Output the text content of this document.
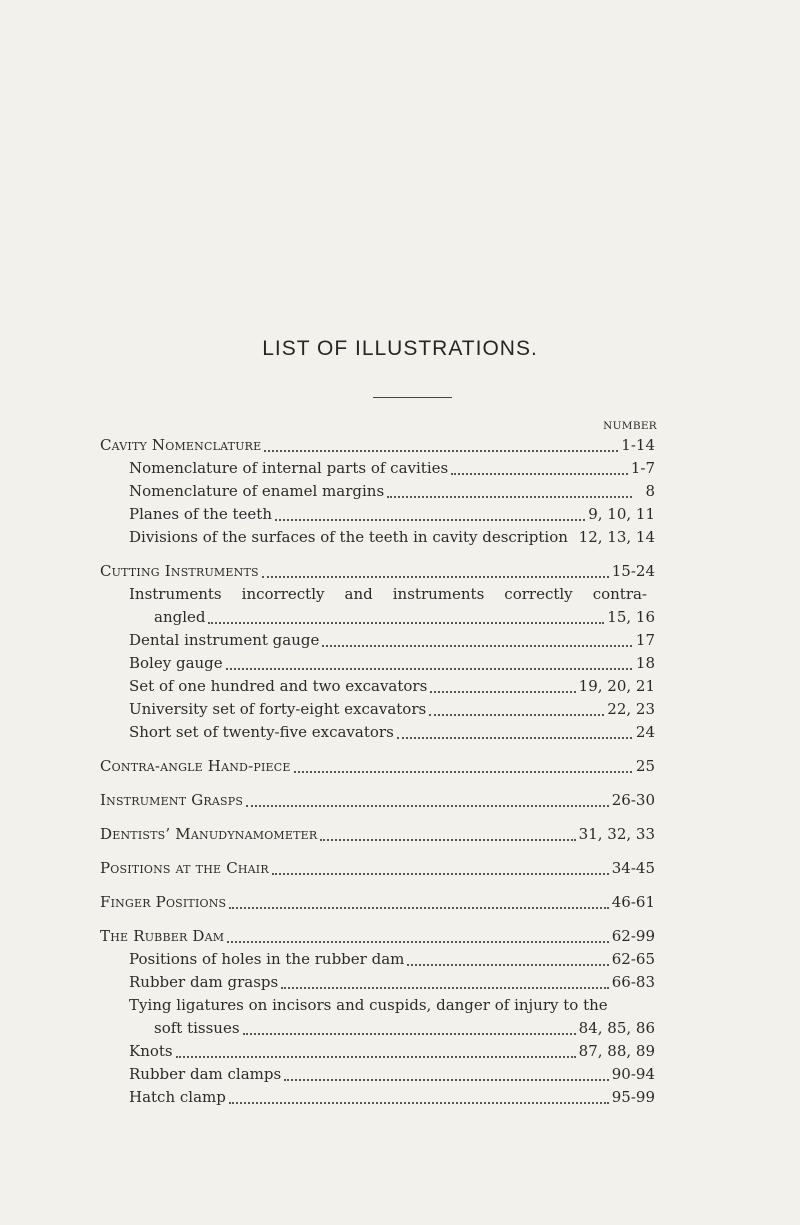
LIST OF ILLUSTRATIONS.
NUMBER
Cavity Nomenclature	1-14
Nomenclature of internal parts of cavities	1-7
Nomenclature of enamel margins	8
Planes of the teeth	9, 10, 11
Divisions of the surfaces of the teeth in cavity description 12, 13, 14
Cutting Instruments	15-24
Instruments incorrectly and instruments correctly contra-
angled	15, 16
Dental instrument gauge	17
Boley gauge	18
Set of one hundred and two excavators	19, 20, 21
University set of forty-eight excavators	22, 23
Short set of twenty-five excavators	24
Contra-angle Hand-piece	25
Instrument Grasps	26-30
Dentists’ Manudynamometer	31, 32, 33
Positions at the Chair	34-45
Finger Positions	46-61
The Rubber Dam	62-99
Positions of holes in the rubber dam	62-65
Rubber dam grasps	66-83
Tying ligatures on incisors and cuspids, danger of injury to the
soft tissues	84, 85, 86
Knots	87, 88, 89
Rubber dam clamps	90-94
Hatch clamp	95-99
